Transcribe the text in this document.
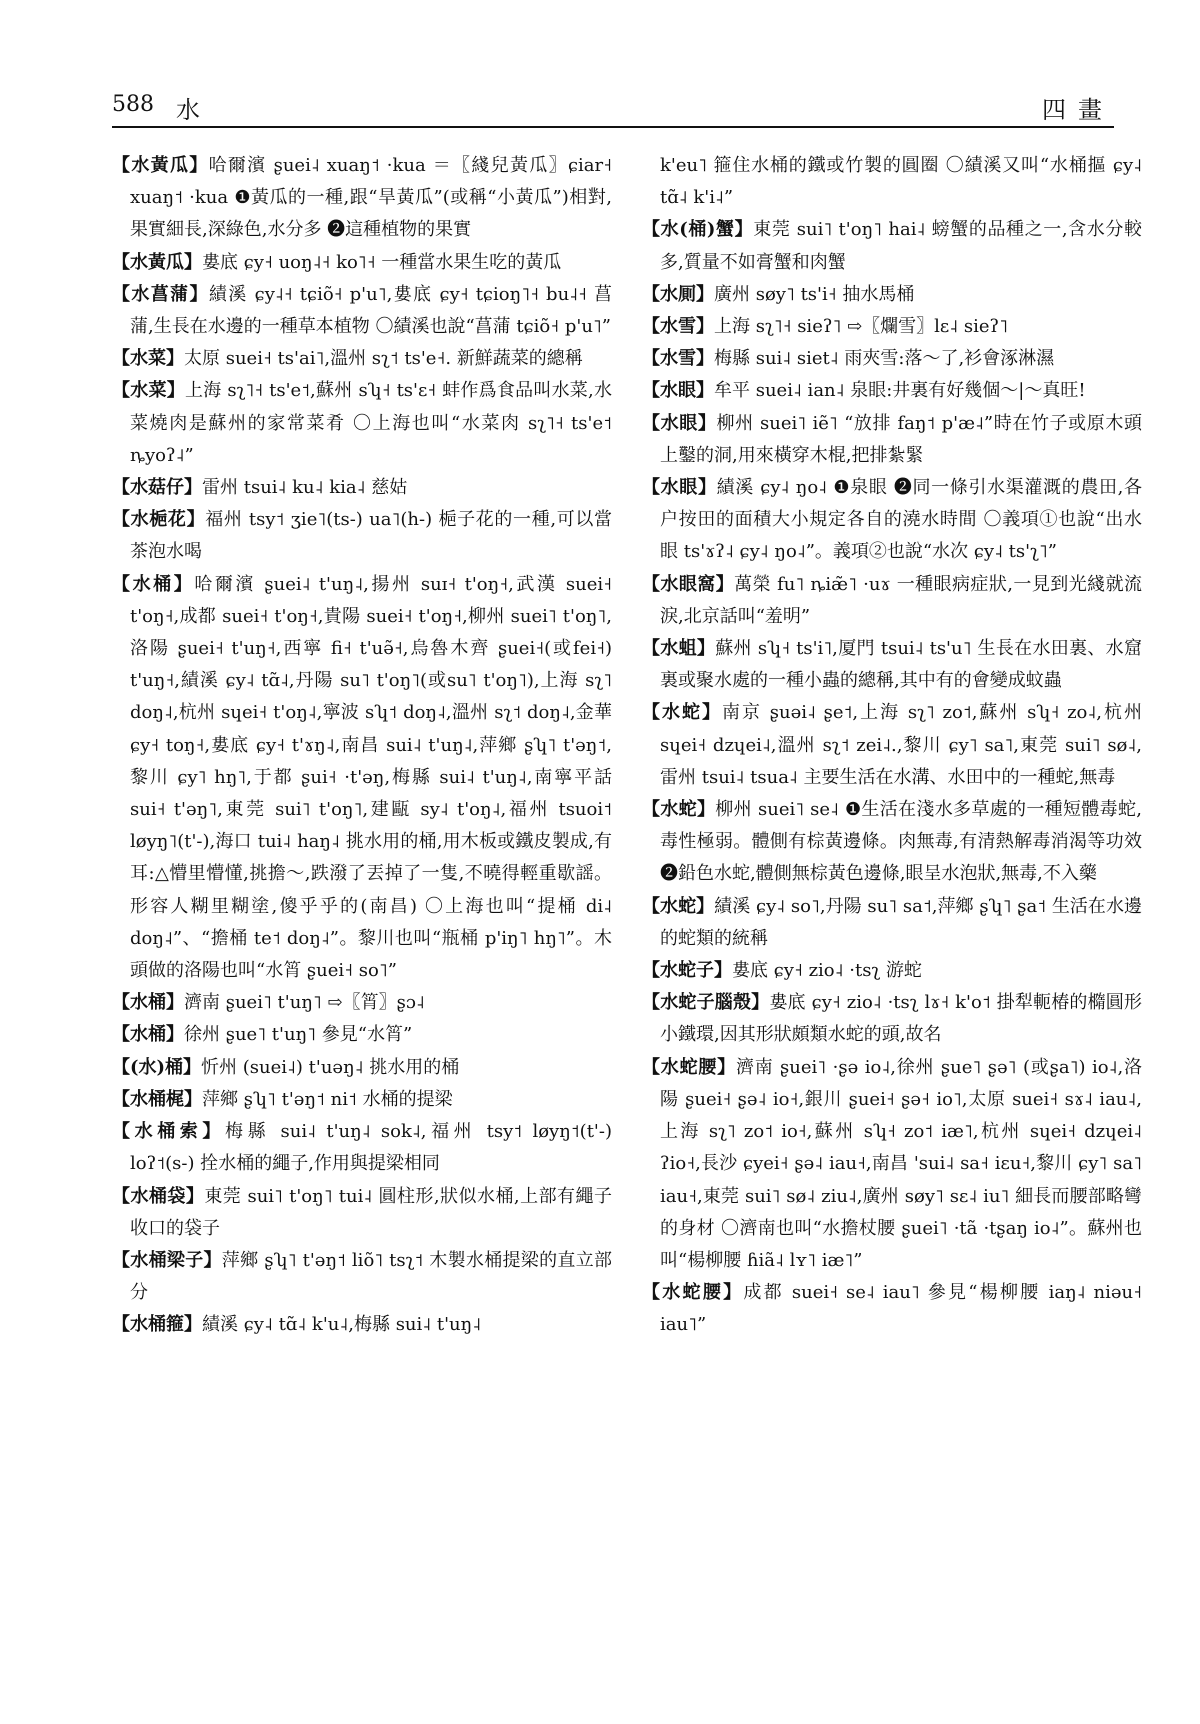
588 水	四畫

【水黃瓜】哈爾濱 ʂuei˨ xuaŋ˦ ·kua ＝〖綫兒黃瓜〗ɕiar˧ xuaŋ˦ ·kua ❶黃瓜的一種,跟“旱黃瓜”(或稱“小黃瓜”)相對,果實細長,深綠色,水分多 ❷這種植物的果實

【水黃瓜】婁底 ɕy˧ uoŋ˨˧ ko˥˧ 一種當水果生吃的黃瓜

【水菖蒲】績溪 ɕy˨˧ tɕiõ˧ p'u˥,婁底 ɕy˧ tɕioŋ˥˧ bu˨˧ 菖蒲,生長在水邊的一種草本植物 〇績溪也說“菖蒲 tɕiõ˧ p'u˥”

【水菜】太原 suei˧ ts'ai˥,溫州 sʅ˦ ts'e˧. 新鮮蔬菜的總稱

【水菜】上海 sʅ˥˧ ts'e˦,蘇州 sʮ˧ ts'ɛ˧ 蚌作爲食品叫水菜,水菜燒肉是蘇州的家常菜肴 〇上海也叫“水菜肉 sʅ˥˧ ts'e˦ ȵyoʔ˨”

【水菇仔】雷州 tsui˨ ku˨ kia˨ 慈姑

【水梔花】福州 tsy˦ ʒie˥(ts-) ua˥(h-) 梔子花的一種,可以當茶泡水喝

【水桶】哈爾濱 ʂuei˨ t'uŋ˨,揚州 suɪ˧ t'oŋ˧,武漢 suei˧ t'oŋ˧,成都 suei˧ t'oŋ˧,貴陽 suei˧ t'oŋ˧,柳州 suei˥ t'oŋ˥,洛陽 ʂuei˧ t'uŋ˧,西寧 fi˧ t'uə̃˧,烏魯木齊 ʂuei˧(或fei˧) t'uŋ˧,績溪 ɕy˨ tɑ̃˨,丹陽 su˥ t'oŋ˥(或su˥ t'oŋ˥),上海 sʅ˥ doŋ˨,杭州 sɥei˧ t'oŋ˨,寧波 sʮ˦ doŋ˨,溫州 sʅ˦ doŋ˨,金華 ɕy˧ toŋ˧,婁底 ɕy˧ t'ɤŋ˨,南昌 sui˨ t'uŋ˨,萍鄉 ʂʮ˥ t'əŋ˦,黎川 ɕy˥ hŋ˥,于都 ʂui˧ ·t'əŋ,梅縣 sui˨ t'uŋ˨,南寧平話 sui˧ t'əŋ˥,東莞 sui˥ t'oŋ˥,建甌 sy˨ t'oŋ˨,福州 tsuoi˦ løyŋ˥(t'-),海口 tui˨ haŋ˨ 挑水用的桶,用木板或鐵皮製成,有耳:△懵里懵懂,挑擔～,跌潑了丟掉了一隻,不曉得輕重歇謡。形容人糊里糊塗,傻乎乎的(南昌) 〇上海也叫“提桶 di˨ doŋ˨”、“擔桶 te˦ doŋ˨”。黎川也叫“瓶桶 p'iŋ˥ hŋ˥”。木頭做的洛陽也叫“水筲 ʂuei˧ so˥”

【水桶】濟南 ʂuei˥ t'uŋ˥ ⇨〖筲〗ʂɔ˨

【水桶】徐州 ʂue˥ t'uŋ˥ 參見“水筲”

【(水)桶】忻州 (suei˨) t'uəŋ˨ 挑水用的桶

【水桶梶】萍鄉 ʂʮ˥ t'əŋ˦ ni˦ 水桶的提梁

【水桶索】梅縣 sui˨ t'uŋ˨ sok˨,福州 tsy˦ løyŋ˦(t'-) loʔ˦(s-) 拴水桶的繩子,作用與提梁相同

【水桶袋】東莞 sui˥ t'oŋ˥ tui˨ 圓柱形,狀似水桶,上部有繩子收口的袋子

【水桶梁子】萍鄉 ʂʮ˥ t'əŋ˦ liõ˥ tsʅ˦ 木製水桶提梁的直立部分

【水桶箍】績溪 ɕy˨ tɑ̃˨ k'u˨,梅縣 sui˨ t'uŋ˨

k'eu˥ 箍住水桶的鐵或竹製的圓圈 〇績溪又叫“水桶摳 ɕy˨ tɑ̃˨ k'i˨”

【水(桶)蟹】東莞 sui˥ t'oŋ˥ hai˨ 螃蟹的品種之一,含水分較多,質量不如膏蟹和肉蟹

【水厠】廣州 søy˥ ts'i˧ 抽水馬桶

【水雪】上海 sʅ˥˧ sieʔ˥ ⇨〖爛雪〗lɛ˨ sieʔ˥

【水雪】梅縣 sui˨ siet˨ 雨夾雪:落～了,衫會涿淋濕

【水眼】牟平 suei˨ ian˨ 泉眼:井裏有好幾個～|～真旺!

【水眼】柳州 suei˥ iẽ˥ “放排 faŋ˦ p'æ˨”時在竹子或原木頭上鑿的洞,用來橫穿木棍,把排紮緊

【水眼】績溪 ɕy˨ ŋo˨ ❶泉眼 ❷同一條引水渠灌溉的農田,各户按田的面積大小規定各自的澆水時間 〇義項①也說“出水眼 ts'ɤʔ˨ ɕy˨ ŋo˨”。義項②也說“水次 ɕy˨ ts'ʅ˥”

【水眼窩】萬榮 fu˥ ȵiæ̃˥ ·uɤ 一種眼病症狀,一見到光綫就流淚,北京話叫“羞明”

【水蛆】蘇州 sʮ˧ ts'i˥,厦門 tsui˨ ts'u˥ 生長在水田裏、水窟裏或聚水處的一種小蟲的總稱,其中有的會變成蚊蟲

【水蛇】南京 ʂuəi˨ ʂe˦,上海 sʅ˥ zo˦,蘇州 sʮ˧ zo˨,杭州 sɥei˧ dzɥei˨,溫州 sʅ˦ zei˨.,黎川 ɕy˥ sa˥,東莞 sui˥ sø˨,雷州 tsui˨ tsua˨ 主要生活在水溝、水田中的一種蛇,無毒

【水蛇】柳州 suei˥ se˨ ❶生活在淺水多草處的一種短體毒蛇,毒性極弱。體側有棕黃邊條。肉無毒,有清熱解毒消渴等功效 ❷鉛色水蛇,體側無棕黃色邊條,眼呈水泡狀,無毒,不入藥

【水蛇】績溪 ɕy˨ so˥,丹陽 su˥ sa˦,萍鄉 ʂʮ˥ ʂa˦ 生活在水邊的蛇類的統稱

【水蛇子】婁底 ɕy˧ zio˨ ·tsʅ 游蛇

【水蛇子腦殼】婁底 ɕy˧ zio˨ ·tsʅ lɤ˧ k'o˦ 掛犁軛椿的橢圓形小鐵環,因其形狀頗類水蛇的頭,故名

【水蛇腰】濟南 ʂuei˥ ·ʂə io˨,徐州 ʂue˥ ʂə˥ (或ʂa˥) io˨,洛陽 ʂuei˧ ʂə˨ io˧,銀川 ʂuei˧ ʂə˧ io˥,太原 suei˧ sɤ˨ iau˨,上海 sʅ˥ zo˦ io˧,蘇州 sʮ˧ zo˦ iæ˥,杭州 sɥei˧ dzɥei˨ ʔio˧,長沙 ɕyei˧ ʂə˨ iau˧,南昌 'sui˨ sa˧ iɛu˧,黎川 ɕy˥ sa˥ iau˧,東莞 sui˥ sø˨ ziu˨,廣州 søy˥ sɛ˨ iu˥ 細長而腰部略彎的身材 〇濟南也叫“水擔杖腰 ʂuei˥ ·tã ·tʂaŋ io˨”。蘇州也叫“楊柳腰 ɦiã˨ lʏ˥ iæ˥”

【水蛇腰】成都 suei˧ se˨ iau˥ 參見“楊柳腰 iaŋ˨ niəu˧ iau˥”
